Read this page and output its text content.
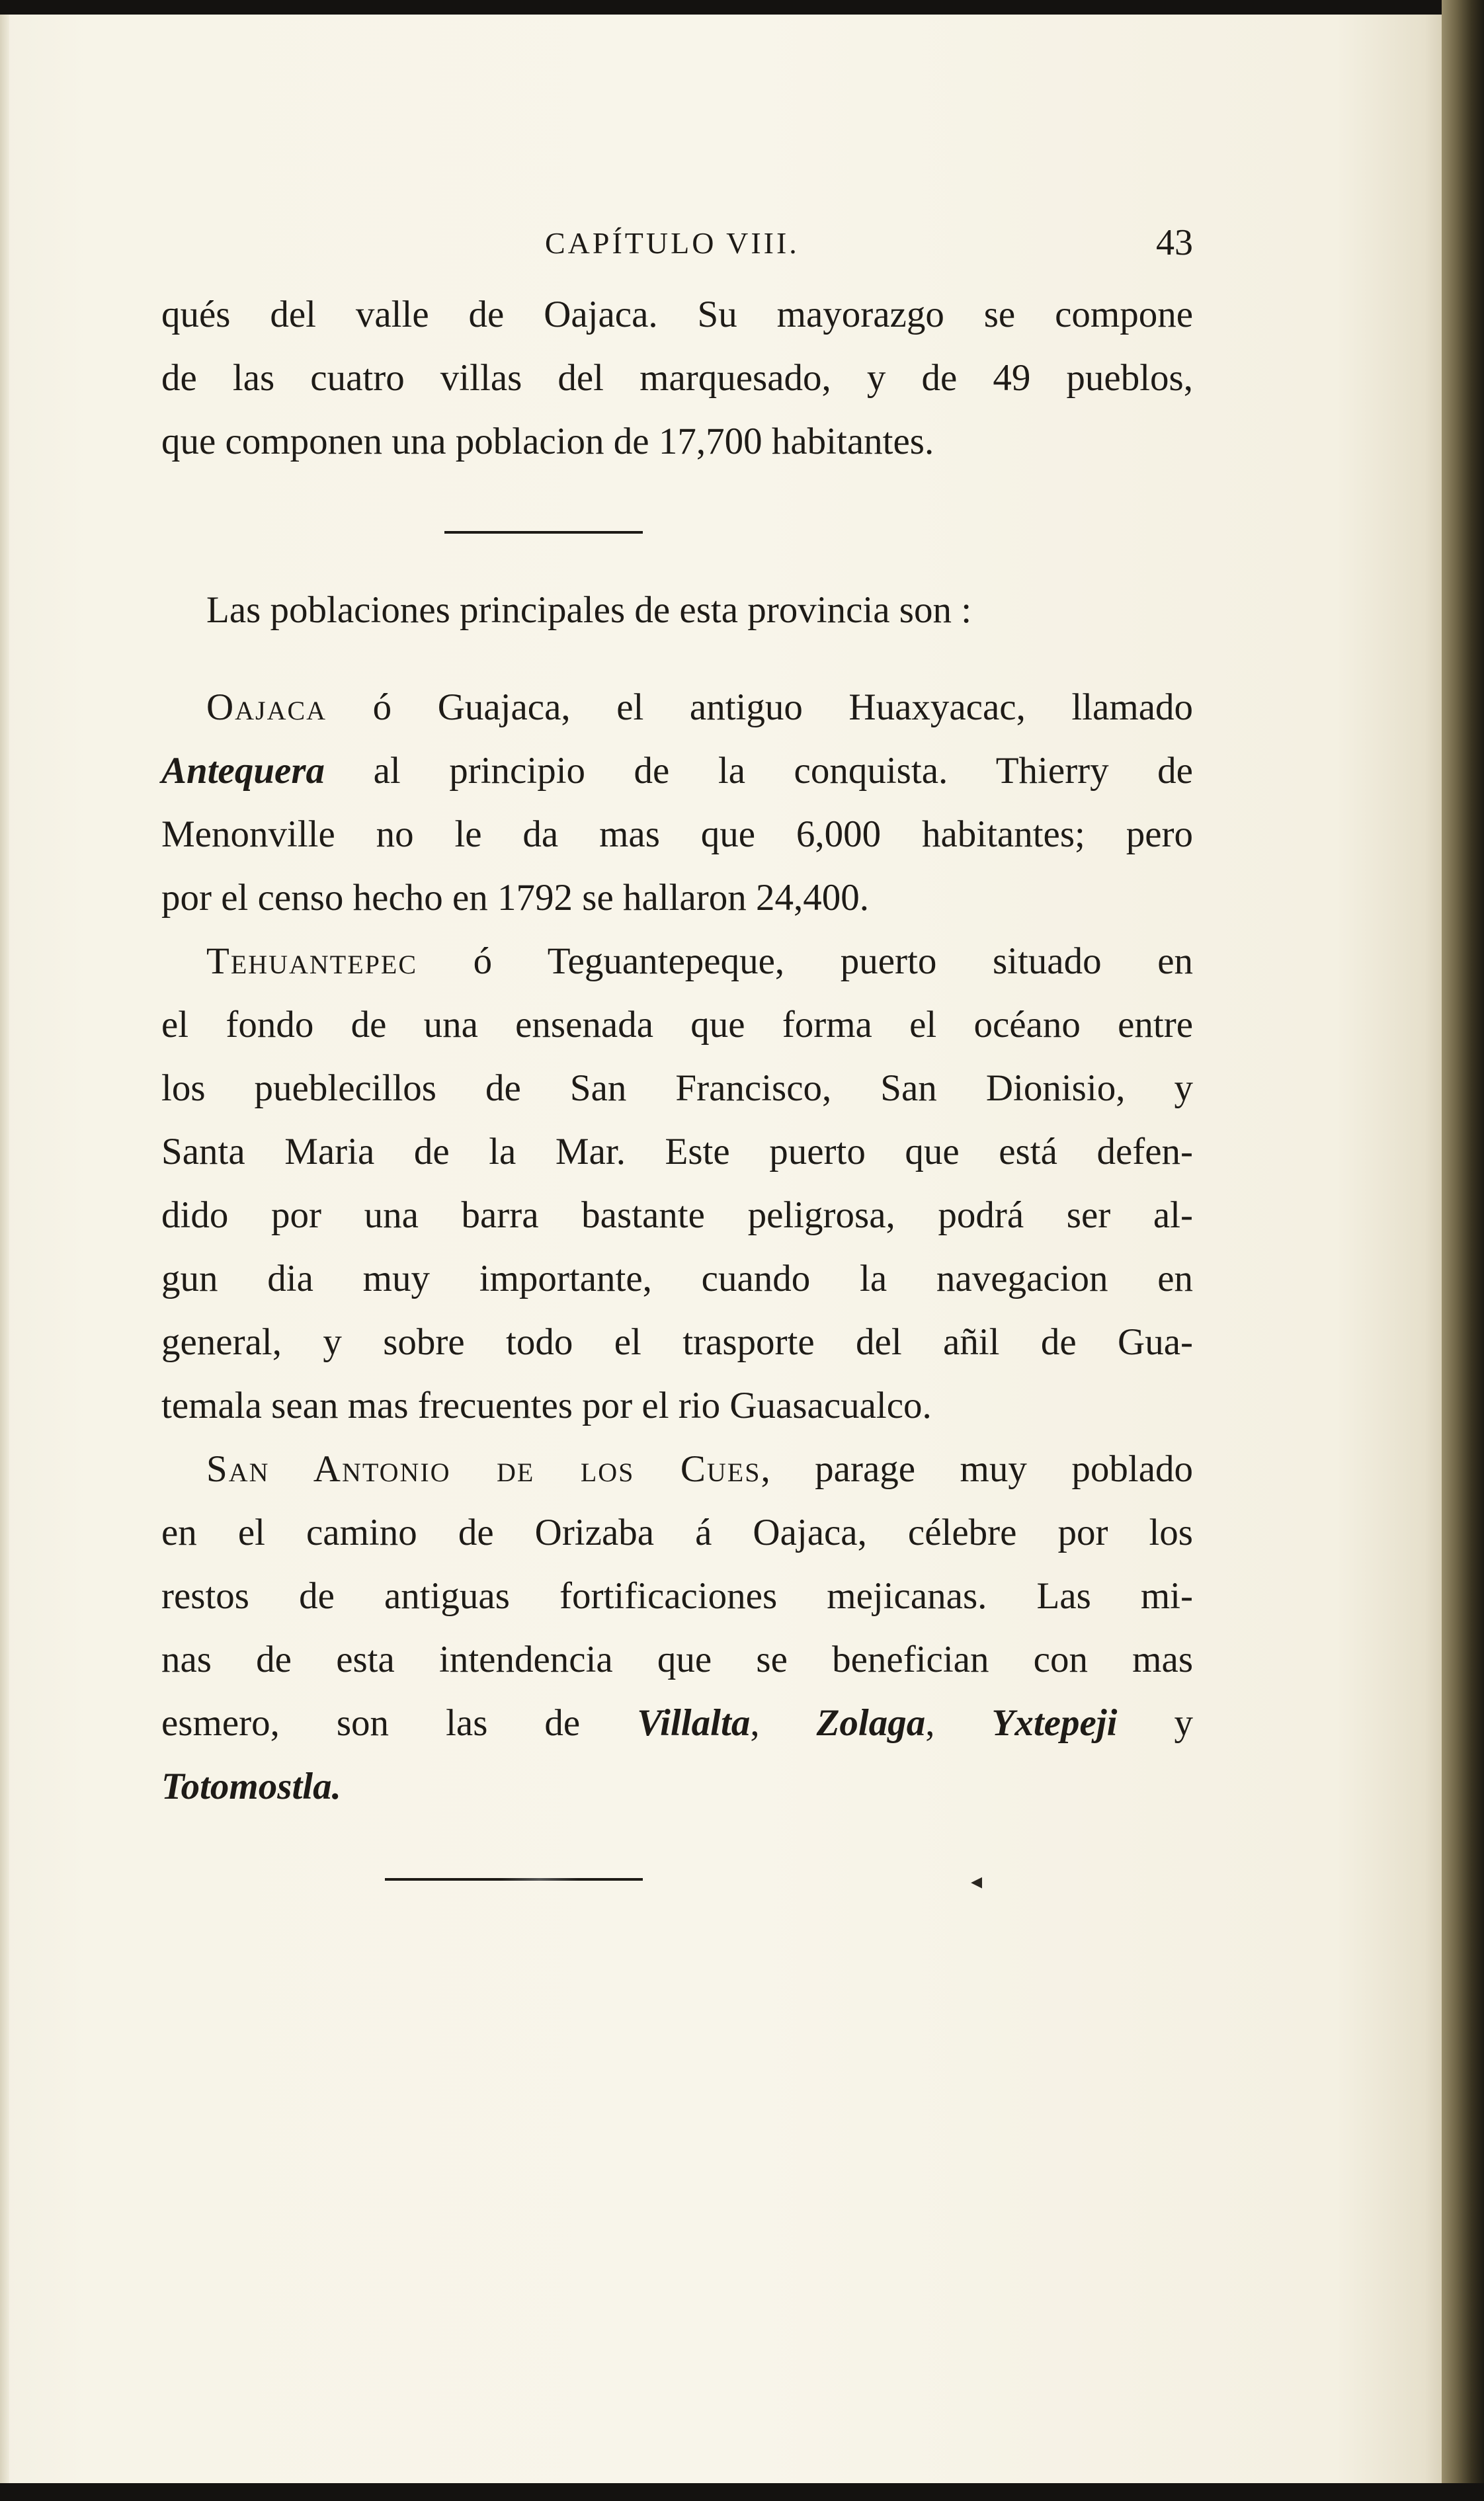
CAPÍTULO VIII.	43
qués del valle de Oajaca. Su mayorazgo se compone
de las cuatro villas del marquesado, y de 49 pueblos,
que componen una poblacion de 17,700 habitantes.
Las poblaciones principales de esta provincia son :
Oajaca ó Guajaca, el antiguo Huaxyacac, llamado
Antequera al principio de la conquista. Thierry de
Menonville no le da mas que 6,000 habitantes; pero
por el censo hecho en 1792 se hallaron 24,400.
Tehuantepec ó Teguantepeque, puerto situado en
el fondo de una ensenada que forma el océano entre
los pueblecillos de San Francisco, San Dionisio, y
Santa Maria de la Mar. Este puerto que está defen-
dido por una barra bastante peligrosa, podrá ser al-
gun dia muy importante, cuando la navegacion en
general, y sobre todo el trasporte del añil de Gua-
temala sean mas frecuentes por el rio Guasacualco.
San Antonio de los Cues, parage muy poblado
en el camino de Orizaba á Oajaca, célebre por los
restos de antiguas fortificaciones mejicanas. Las mi-
nas de esta intendencia que se benefician con mas
esmero, son las de Villalta, Zolaga, Yxtepeji y
Totomostla.
◂
